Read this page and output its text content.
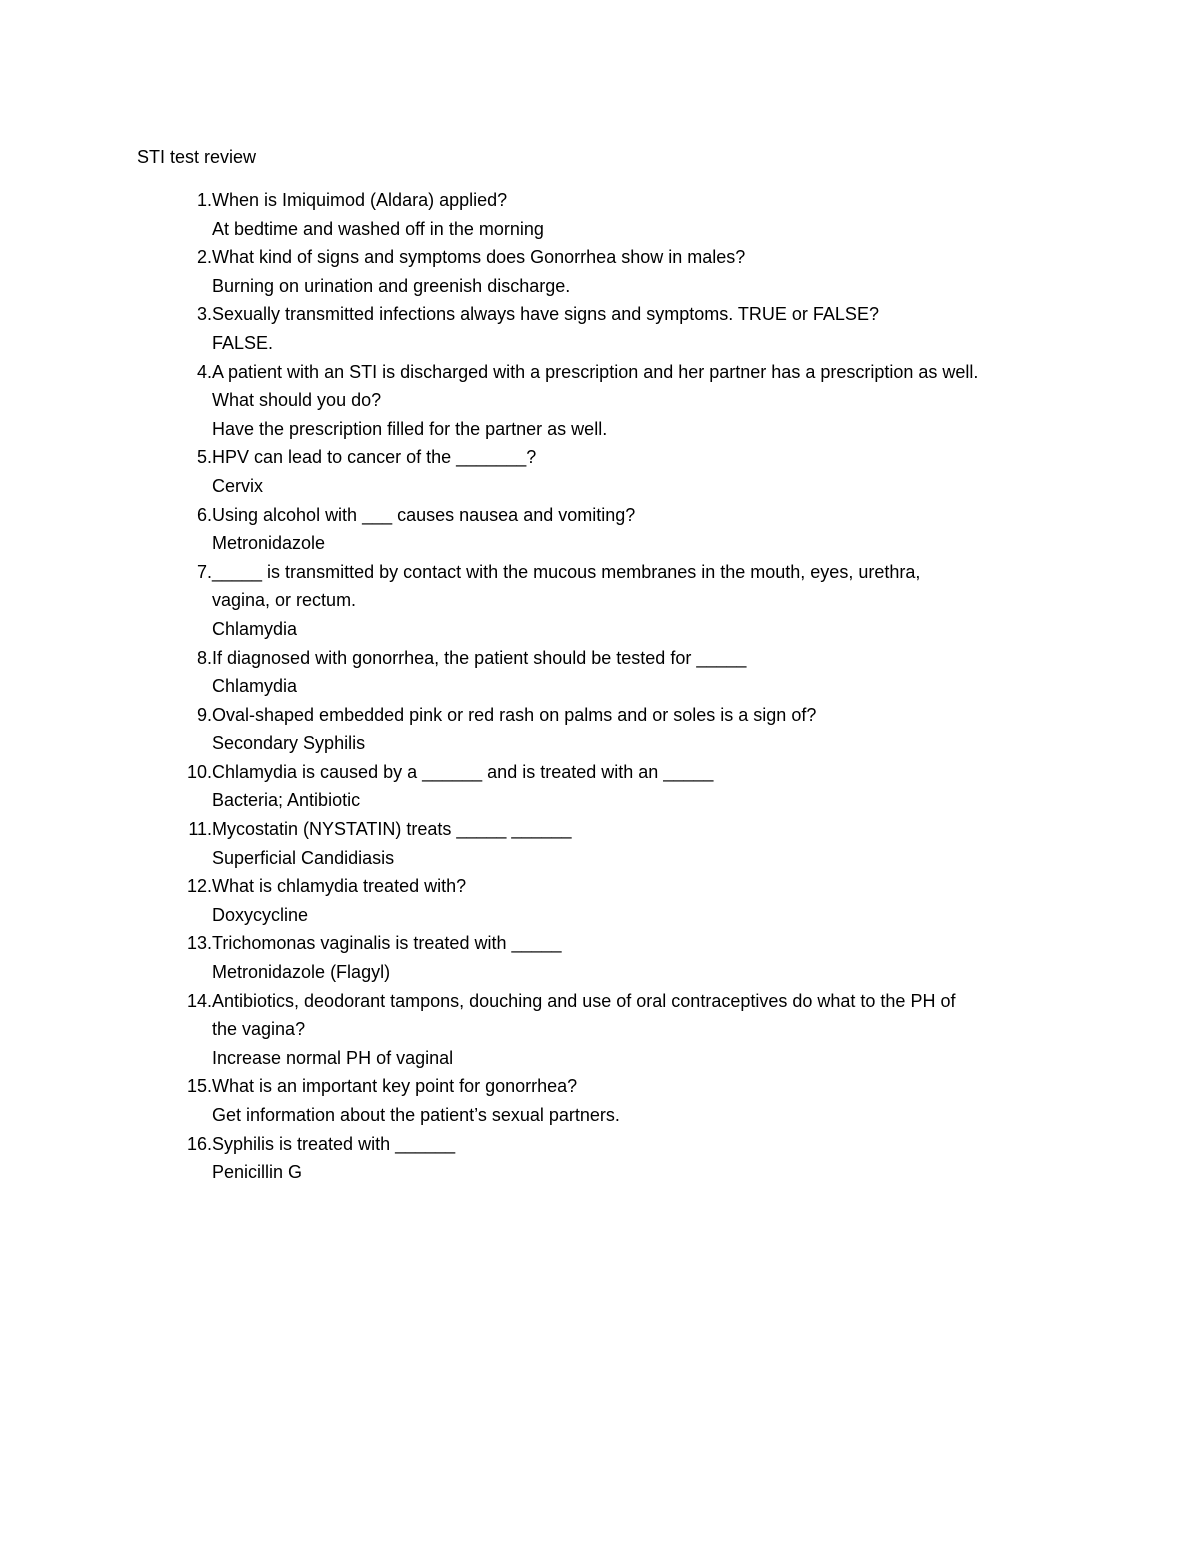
STI test review
1. When is Imiquimod (Aldara) applied?
At bedtime and washed off in the morning
2. What kind of signs and symptoms does Gonorrhea show in males?
Burning on urination and greenish discharge.
3. Sexually transmitted infections always have signs and symptoms. TRUE or FALSE?
FALSE.
4. A patient with an STI is discharged with a prescription and her partner has a prescription as well.
What should you do?
Have the prescription filled for the partner as well.
5. HPV can lead to cancer of the _______?
Cervix
6. Using alcohol with ___ causes nausea and vomiting?
Metronidazole
7. _____ is transmitted by contact with the mucous membranes in the mouth, eyes, urethra,
vagina, or rectum.
Chlamydia
8. If diagnosed with gonorrhea, the patient should be tested for _____
Chlamydia
9. Oval-shaped embedded pink or red rash on palms and or soles is a sign of?
Secondary Syphilis
10. Chlamydia is caused by a ______ and is treated with an _____
Bacteria; Antibiotic
11. Mycostatin (NYSTATIN) treats _____ ______
Superficial Candidiasis
12. What is chlamydia treated with?
Doxycycline
13. Trichomonas vaginalis is treated with _____
Metronidazole (Flagyl)
14. Antibiotics, deodorant tampons, douching and use of oral contraceptives do what to the PH of
the vagina?
Increase normal PH of vaginal
15. What is an important key point for gonorrhea?
Get information about the patient’s sexual partners.
16. Syphilis is treated with ______
Penicillin G
